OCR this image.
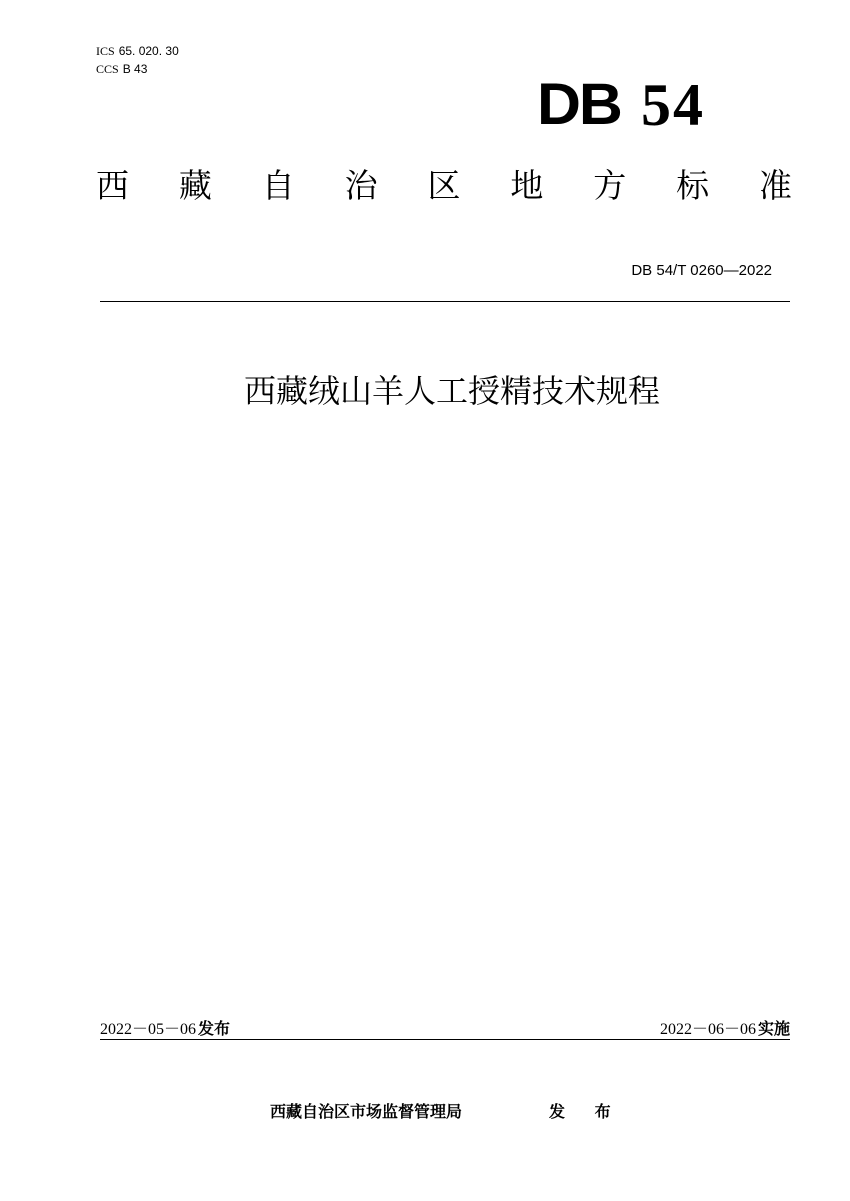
ICS 65. 020. 30
CCS B 43
DB 54
西 藏 自 治 区 地 方 标 准
DB 54/T 0260—2022
西藏绒山羊人工授精技术规程
2022－05－06 发布	2022－06－06 实施
西藏自治区市场监督管理局	发 布
